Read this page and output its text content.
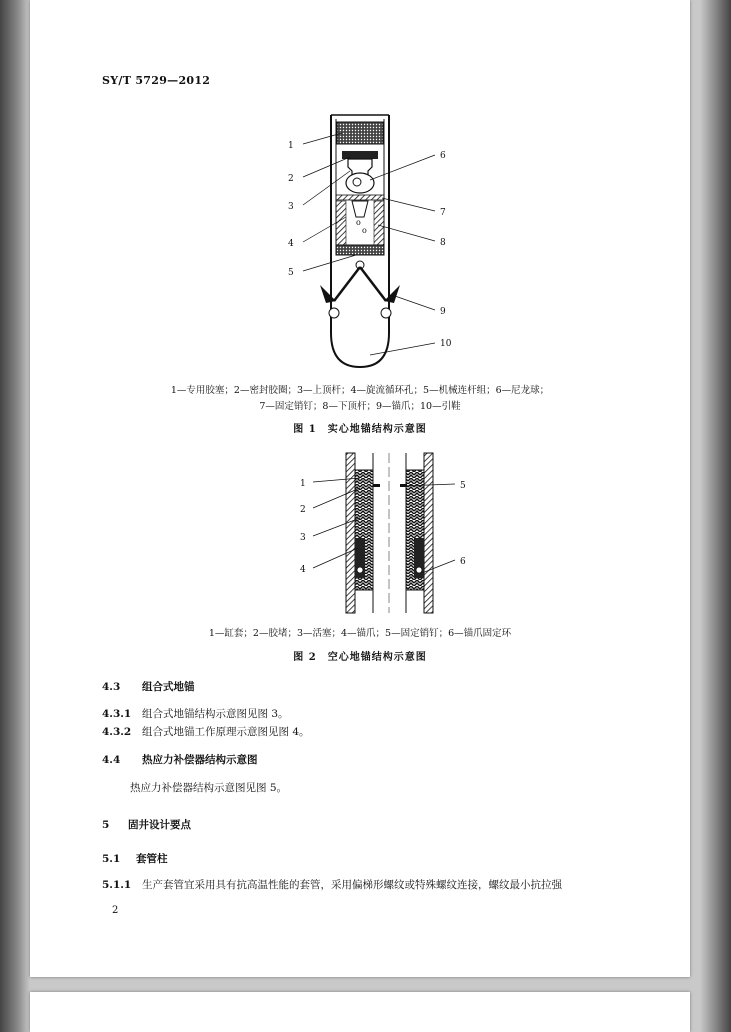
SY/T 5729—2012
o
o
1
2
3
4
5
6
7
8
9
10
1—专用胶塞；2—密封胶圈；3—上顶杆；4—旋流循环孔；5—机械连杆组；6—尼龙球；
7—固定销钉；8—下顶杆；9—锚爪；10—引鞋
图 1　实心地锚结构示意图
1
2
3
4
5
6
1—缸套；2—胶堵；3—活塞；4—锚爪；5—固定销钉；6—锚爪固定环
图 2　空心地锚结构示意图
4.3 组合式地锚
4.3.1 组合式地锚结构示意图见图 3。
4.3.2 组合式地锚工作原理示意图见图 4。
4.4 热应力补偿器结构示意图
热应力补偿器结构示意图见图 5。
5 固井设计要点
5.1 套管柱
5.1.1 生产套管宜采用具有抗高温性能的套管，采用偏梯形螺纹或特殊螺纹连接，螺纹最小抗拉强
2
